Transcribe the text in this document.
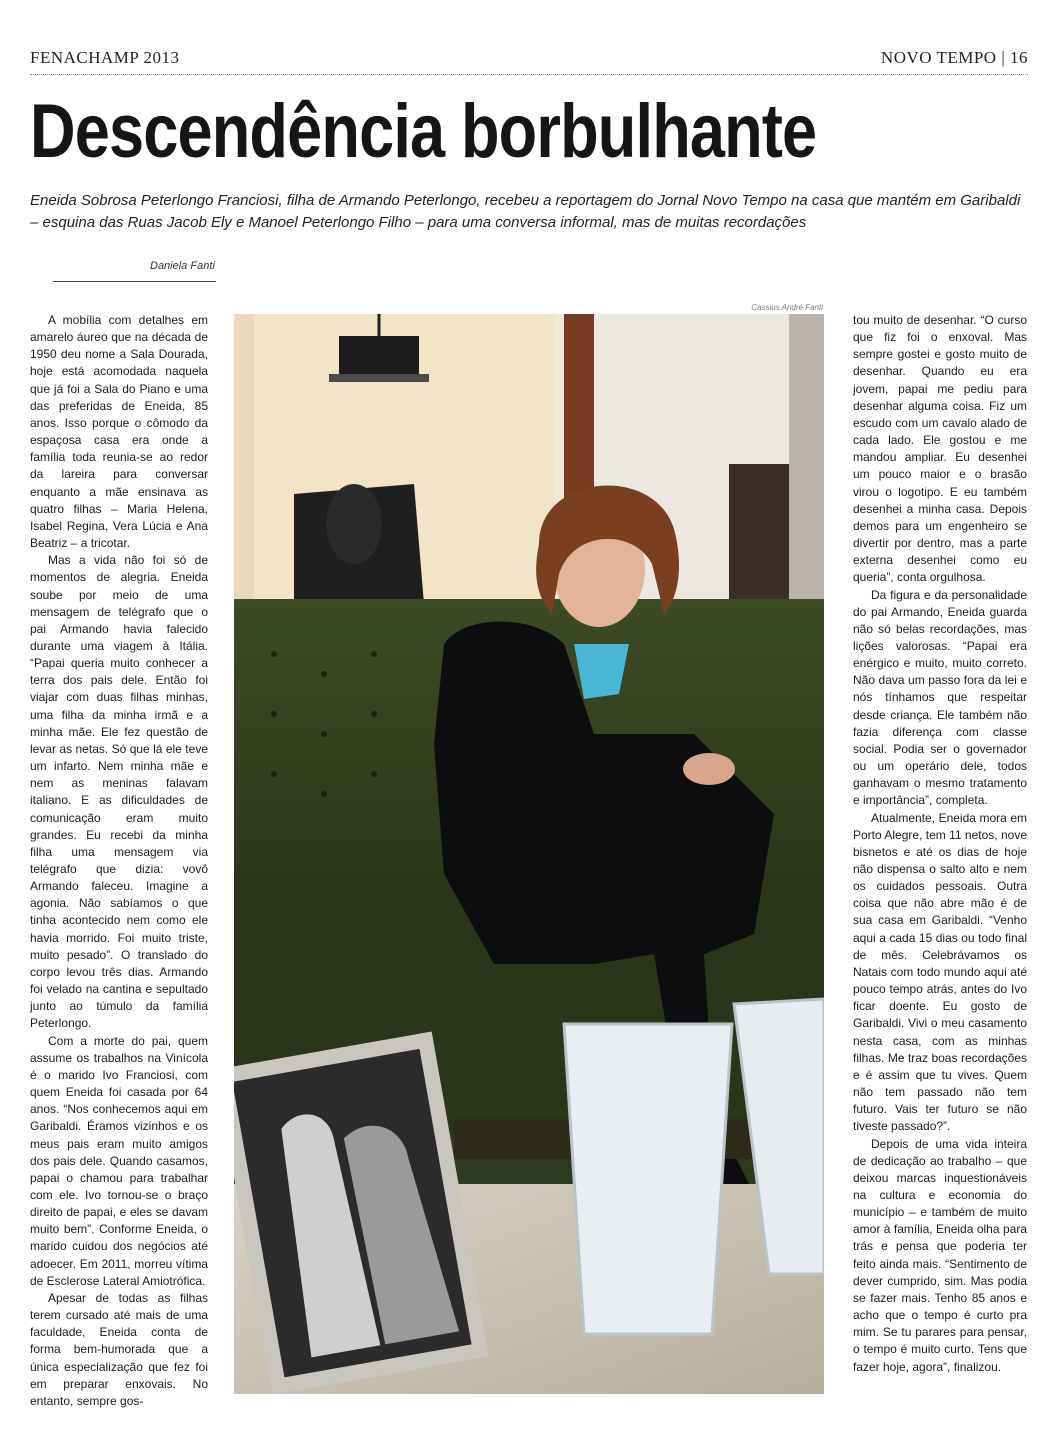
FENACHAMP 2013	NOVO TEMPO | 16
Descendência borbulhante
Eneida Sobrosa Peterlongo Franciosi, filha de Armando Peterlongo, recebeu a reportagem do Jornal Novo Tempo na casa que mantém em Garibaldi – esquina das Ruas Jacob Ely e Manoel Peterlongo Filho – para uma conversa informal, mas de muitas recordações
Daniela Fanti

A mobília com detalhes em amarelo áureo que na década de 1950 deu nome a Sala Dourada, hoje está acomodada naquela que já foi a Sala do Piano e uma das preferidas de Eneida, 85 anos. Isso porque o cômodo da espaçosa casa era onde a família toda reunia-se ao redor da lareira para conversar enquanto a mãe ensinava as quatro filhas – Maria Helena, Isabel Regina, Vera Lúcia e Ana Beatriz – a tricotar.

Mas a vida não foi só de momentos de alegria. Eneida soube por meio de uma mensagem de telégrafo que o pai Armando havia falecido durante uma viagem à Itália. “Papai queria muito conhecer a terra dos pais dele. Então foi viajar com duas filhas minhas, uma filha da minha irmã e a minha mãe. Ele fez questão de levar as netas. Só que lá ele teve um infarto. Nem minha mãe e nem as meninas falavam italiano. E as dificuldades de comunicação eram muito grandes. Eu recebi da minha filha uma mensagem via telégrafo que dizia: vovô Armando faleceu. Imagine a agonia. Não sabíamos o que tinha acontecido nem como ele havia morrido. Foi muito triste, muito pesado”. O translado do corpo levou três dias. Armando foi velado na cantina e sepultado junto ao túmulo da família Peterlongo.

Com a morte do pai, quem assume os trabalhos na Vinícola é o marido Ivo Franciosi, com quem Eneida foi casada por 64 anos. “Nos conhecemos aqui em Garibaldi. Éramos vizinhos e os meus pais eram muito amigos dos pais dele. Quando casamos, papai o chamou para trabalhar com ele. Ivo tornou-se o braço direito de papai, e eles se davam muito bem”. Conforme Eneida, o marido cuidou dos negócios até adoecer. Em 2011, morreu vítima de Esclerose Lateral Amiotrófica.

Apesar de todas as filhas terem cursado até mais de uma faculdade, Eneida conta de forma bem-humorada que a única especialização que fez foi em preparar enxovais. No entanto, sempre gos-

Cassius André Fanti

tou muito de desenhar. “O curso que fiz foi o enxoval. Mas sempre gostei e gosto muito de desenhar. Quando eu era jovem, papai me pediu para desenhar alguma coisa. Fiz um escudo com um cavalo alado de cada lado. Ele gostou e me mandou ampliar. Eu desenhei um pouco maior e o brasão virou o logotipo. E eu também desenhei a minha casa. Depois demos para um engenheiro se divertir por dentro, mas a parte externa desenhei como eu queria”, conta orgulhosa.

Da figura e da personalidade do pai Armando, Eneida guarda não só belas recordações, mas lições valorosas. “Papai era enérgico e muito, muito correto. Não dava um passo fora da lei e nós tínhamos que respeitar desde criança. Ele também não fazia diferença com classe social. Podia ser o governador ou um operário dele, todos ganhavam o mesmo tratamento e importância”, completa.

Atualmente, Eneida mora em Porto Alegre, tem 11 netos, nove bisnetos e até os dias de hoje não dispensa o salto alto e nem os cuidados pessoais. Outra coisa que não abre mão é de sua casa em Garibaldi. “Venho aqui a cada 15 dias ou todo final de mês. Celebrávamos os Natais com todo mundo aqui até pouco tempo atrás, antes do Ivo ficar doente. Eu gosto de Garibaldi. Vivi o meu casamento nesta casa, com as minhas filhas. Me traz boas recordações e é assim que tu vives. Quem não tem passado não tem futuro. Vais ter futuro se não tiveste passado?”.

Depois de uma vida inteira de dedicação ao trabalho – que deixou marcas inquestionáveis na cultura e economia do município – e também de muito amor à família, Eneida olha para trás e pensa que poderia ter feito ainda mais. “Sentimento de dever cumprido, sim. Mas podia se fazer mais. Tenho 85 anos e acho que o tempo é curto pra mim. Se tu parares para pensar, o tempo é muito curto. Tens que fazer hoje, agora”, finalizou.
